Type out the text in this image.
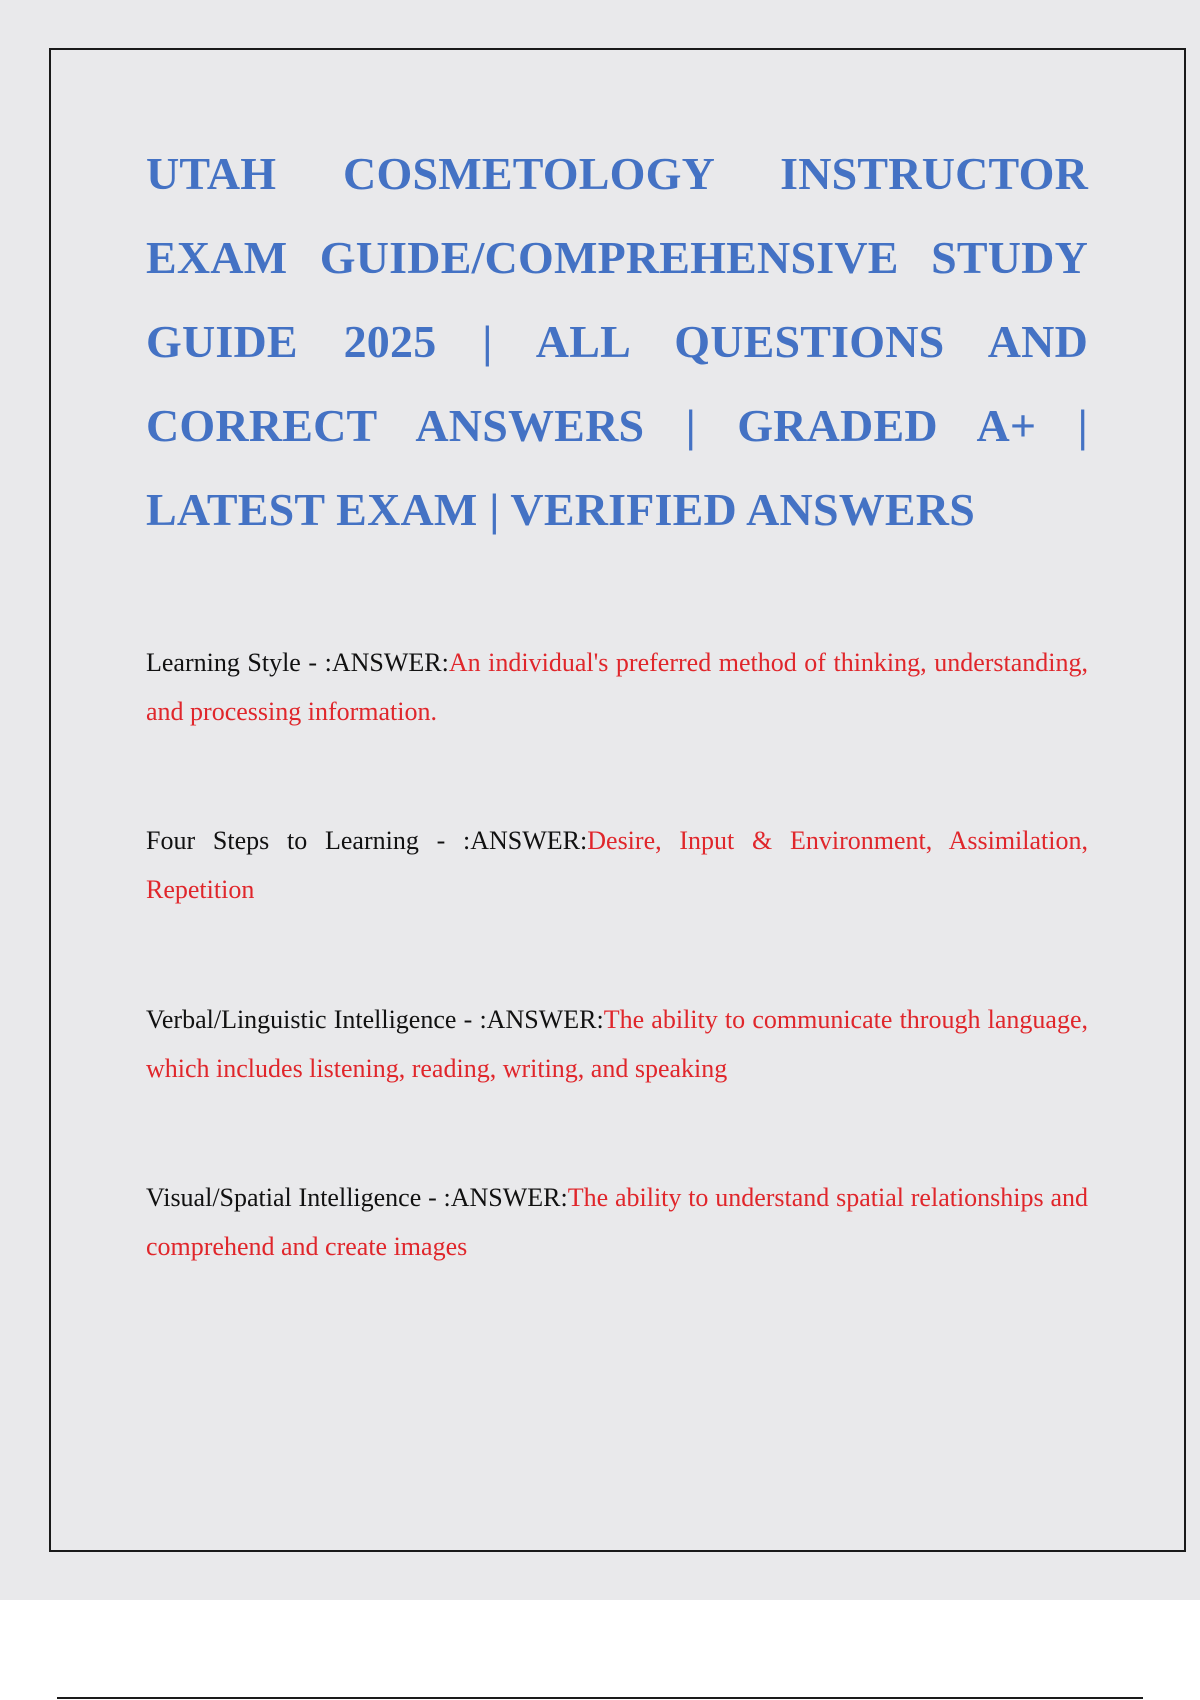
UTAH COSMETOLOGY INSTRUCTOR EXAM GUIDE/COMPREHENSIVE STUDY GUIDE 2025 | ALL QUESTIONS AND CORRECT ANSWERS | GRADED A+ | LATEST EXAM | VERIFIED ANSWERS

Learning Style - :ANSWER:An individual's preferred method of thinking, understanding, and processing information.

Four Steps to Learning - :ANSWER:Desire, Input & Environment, Assimilation, Repetition

Verbal/Linguistic Intelligence - :ANSWER:The ability to communicate through language, which includes listening, reading, writing, and speaking

Visual/Spatial Intelligence - :ANSWER:The ability to understand spatial relationships and comprehend and create images
